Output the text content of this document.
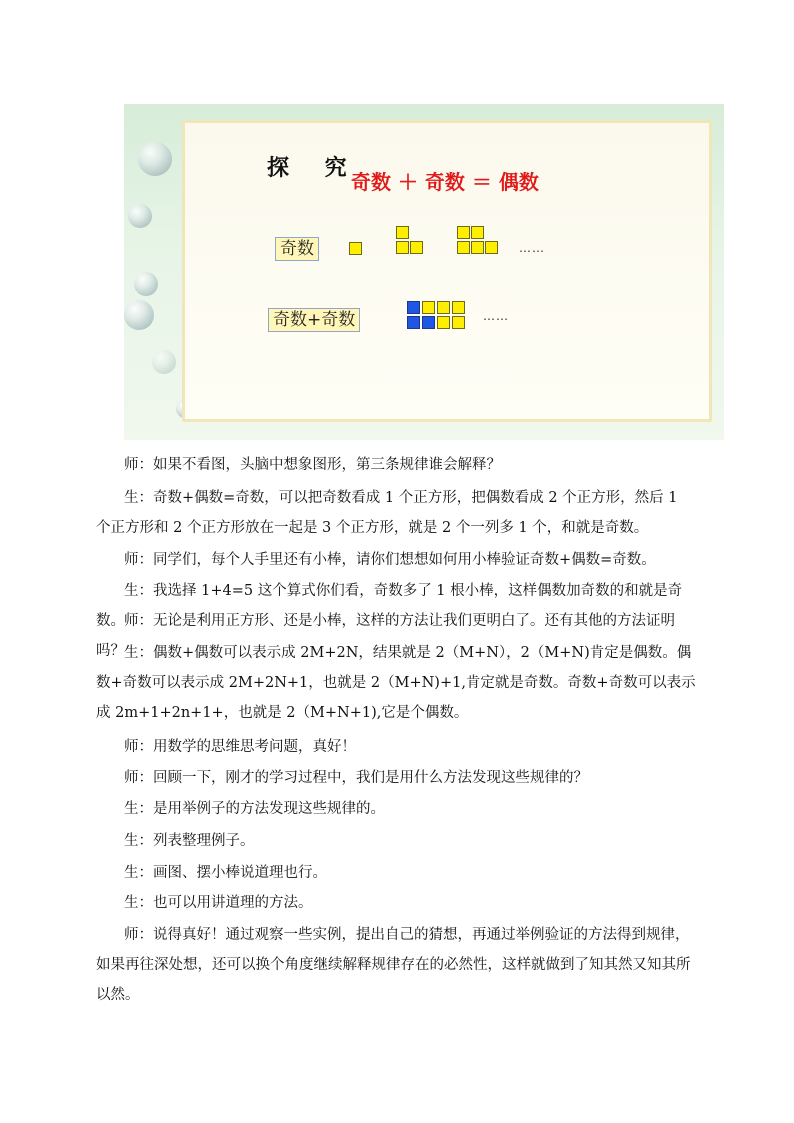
探 究
奇数 ＋ 奇数 ＝ 偶数
奇数	……
奇数+奇数	……

师：如果不看图，头脑中想象图形，第三条规律谁会解释？

生：奇数+偶数=奇数，可以把奇数看成 1 个正方形，把偶数看成 2 个正方形，然后 1 个正方形和 2 个正方形放在一起是 3 个正方形，就是 2 个一列多 1 个，和就是奇数。

师：同学们，每个人手里还有小棒，请你们想想如何用小棒验证奇数+偶数=奇数。

生：我选择 1+4=5 这个算式你们看，奇数多了 1 根小棒，这样偶数加奇数的和就是奇数。 师：无论是利用正方形、还是小棒，这样的方法让我们更明白了。还有其他的方法证明吗？ 生：偶数+偶数可以表示成 2M+2N，结果就是 2（M+N），2（M+N)肯定是偶数。偶数+奇数可以表示成 2M+2N+1，也就是 2（M+N)+1,肯定就是奇数。奇数+奇数可以表示成 2m+1+2n+1+，也就是 2（M+N+1),它是个偶数。

师：用数学的思维思考问题，真好！

师：回顾一下，刚才的学习过程中，我们是用什么方法发现这些规律的？

生：是用举例子的方法发现这些规律的。

生：列表整理例子。

生：画图、摆小棒说道理也行。

生：也可以用讲道理的方法。

师：说得真好！通过观察一些实例，提出自己的猜想，再通过举例验证的方法得到规律，如果再往深处想，还可以换个角度继续解释规律存在的必然性，这样就做到了知其然又知其所以然。
